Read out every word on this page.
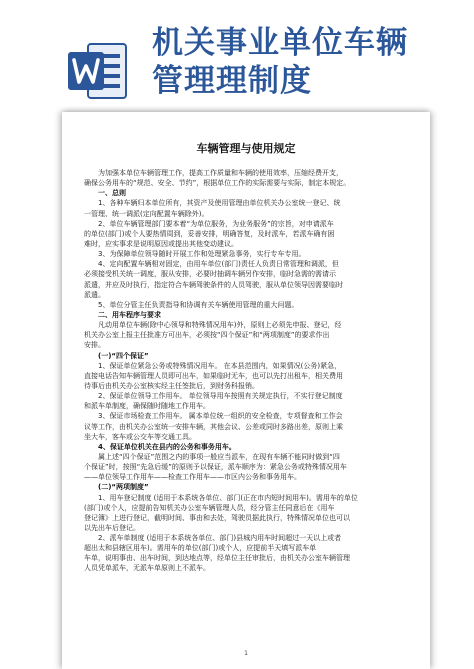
机关事业单位车辆
管理理制度
车辆管理与使用规定
　　为加强本单位车辆管理工作，提高工作质量和车辆的使用效率，压缩经费开支，
确保公务用车的“规范、安全、节约”，根据单位工作的实际需要与实际，制定本规定。
　　一、总则
　　1、各种车辆归本单位所有，其资产及使用管理由单位机关办公室统一登记、统
一管理、统一调派(定向配置车辆除外)。
　　2、单位车辆管理部门要本着“为单位服务，为业务服务”的宗旨，对申请派车
的单位(部门)或个人要热情周到，妥善安排，明确答复，及时派车，若派车确有困
难时，应实事求是说明原因或提出其他变动建议。
　　3、为保障单位领导随时开展工作和处理紧急事务，实行专车专用。
　　4、定向配置车辆相对固定，由用车单位(部门)责任人负责日常管理和调派，但
必须接受机关统一调度，服从安排，必要时抽调车辆另作安排，临时急需的需请示
派遣，并应及时执行，指定符合车辆驾驶条件的人员驾驶，服从单位领导因需要临时
派遣。
　　5、单位分管主任负责指导和协调有关车辆使用管理的重大问题。
　　二、用车程序与要求
　　凡动用单位车辆(除中心领导和特殊情况用车)外，原则上必须先申报、登记，经
机关办公室上报主任批准方可出车，必须按“四个保证”和“两项制度”的要求作出
安排。
　　(一)“四个保证”
　　1、保证单位紧急公务或特殊情况用车。 在本县范围内，如果情况(公务)紧急，
直接电话告知车辆管理人员即可出车，如果临时无车，也可以先打出租车，相关费用
待事后由机关办公室核实经主任签批后，到财务科报销。
　　2、保证单位领导工作用车。 单位领导用车按照有关规定执行，不实行登记制度
和派车单制度，确保随时随地工作用车。
　　3、保证市场检查工作用车。 属本单位统一组织的安全检查，专项督查和工作会
议等工作，由机关办公室统一安排车辆，其他会议、公差或同时多路出差，原则上乘
坐大车，客车或公交车等交通工具。
　　4、保证单位机关在县内的公务和事务用车。
　　属上述“四个保证”范围之内的事项一般应当派车，在现有车辆不能同时做到“四
个保证”时，按照“先急后缓”的原则予以保证，派车顺序为：紧急公务或特殊情况用车
——单位领导工作用车——检查工作用车——市区内公务和事务用车。
　　(二)“两项制度”
　　1、用车登记制度 (适用于本系统各单位、部门(正在市内短时间用车)。需用车的单位
(部门)或个人，应提前告知机关办公室车辆管理人员，经分管主任同意后在《用车
登记簿》上进行登记，截明时间、事由和去处，驾驶员据此执行，特殊情况单位也可以
以先出车后登记。
　　2、派车单制度 (适用于本系统各单位、部门)县城内用车时间超过一天以上或者
超出太和县辖区用车)。需用车的单位(部门)或个人，应提前半天填写派车单
车单，说明事由、出车时间，到达地点等，经单位主任审批后，由机关办公室车辆管理
人员凭单派车，无派车单原则上不派车。
1
